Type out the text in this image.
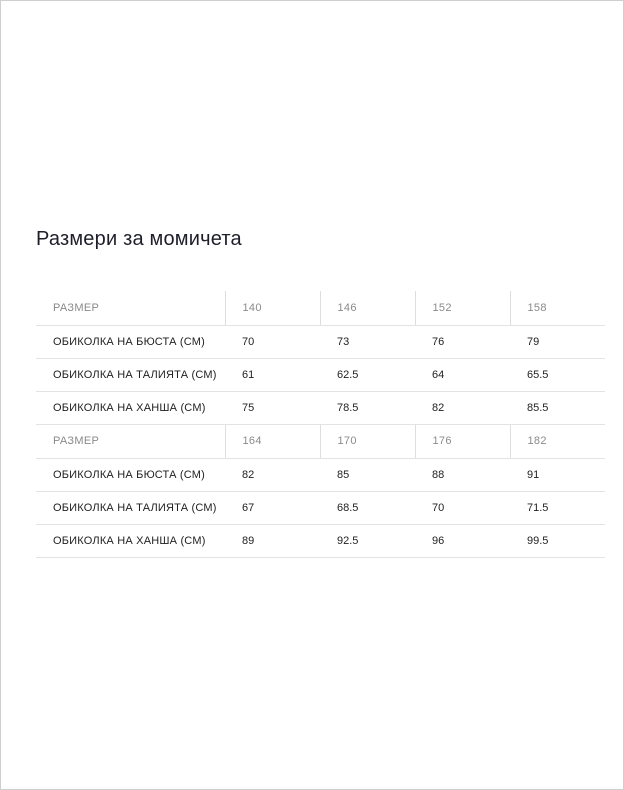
Размери за момичета
РАЗМЕР	140	146	152	158
ОБИКОЛКА НА БЮСТА (СМ)	70	73	76	79
ОБИКОЛКА НА ТАЛИЯТА (СМ)	61	62.5	64	65.5
ОБИКОЛКА НА ХАНША (СМ)	75	78.5	82	85.5
РАЗМЕР	164	170	176	182
ОБИКОЛКА НА БЮСТА (СМ)	82	85	88	91
ОБИКОЛКА НА ТАЛИЯТА (СМ)	67	68.5	70	71.5
ОБИКОЛКА НА ХАНША (СМ)	89	92.5	96	99.5
